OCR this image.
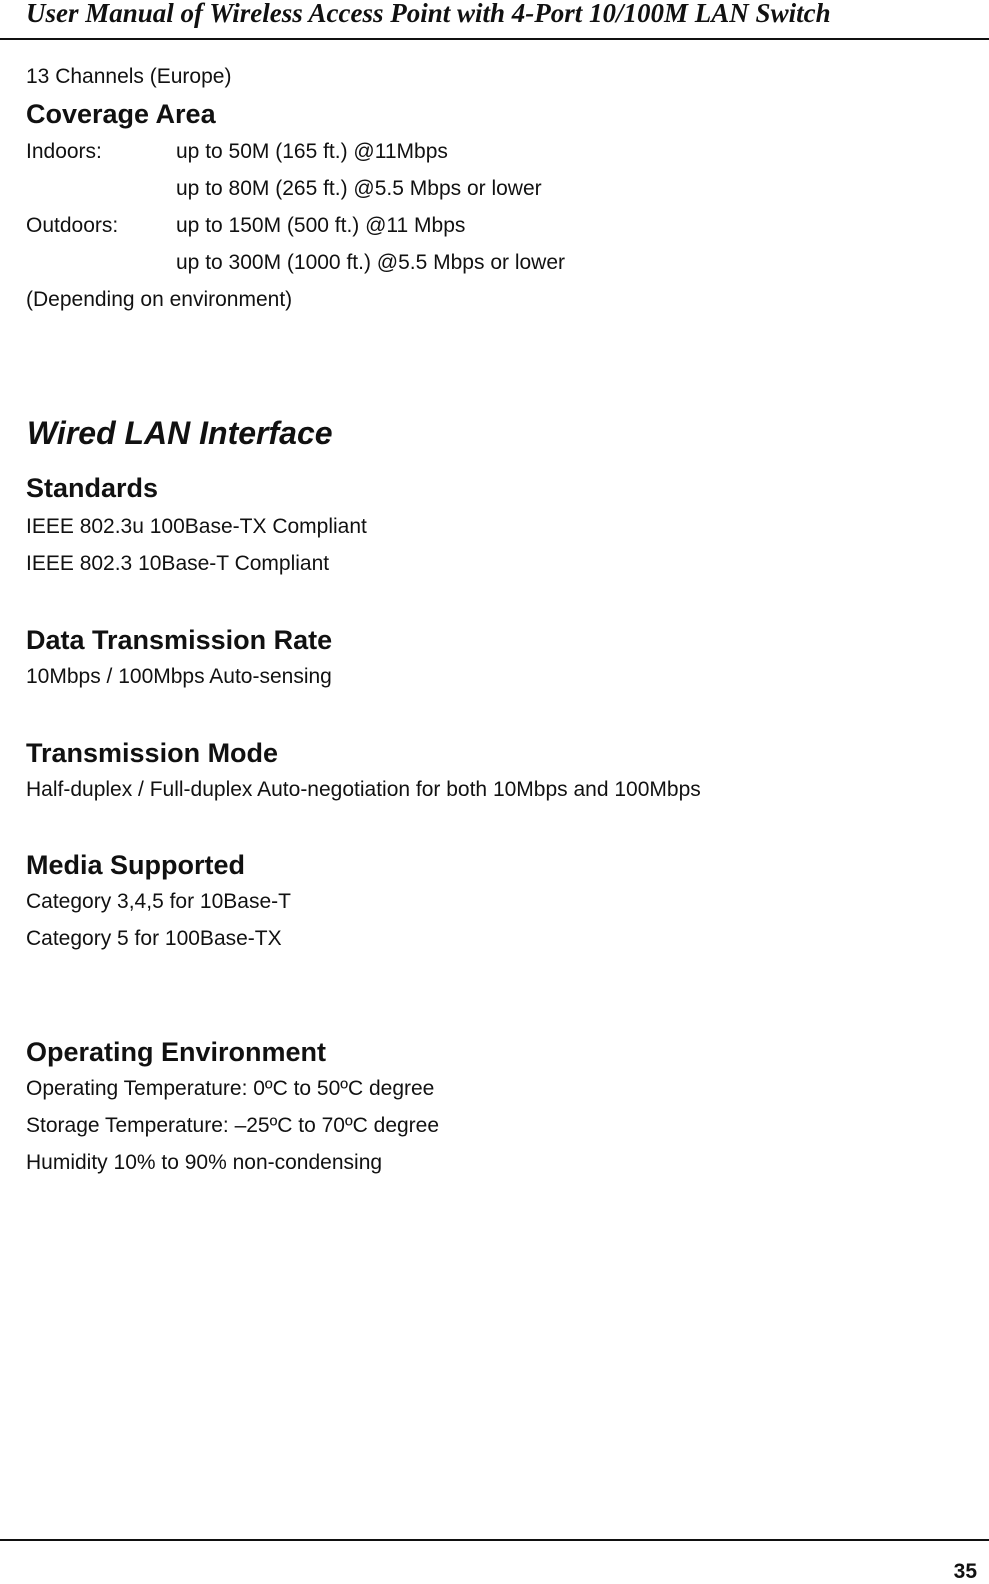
User Manual of Wireless Access Point with 4-Port 10/100M LAN Switch
13 Channels (Europe)
Coverage Area
Indoors:	up to 50M (165 ft.) @11Mbps
up to 80M (265 ft.) @5.5 Mbps or lower
Outdoors:	up to 150M (500 ft.) @11 Mbps
up to 300M (1000 ft.) @5.5 Mbps or lower
(Depending on environment)
Wired LAN Interface
Standards
IEEE 802.3u 100Base-TX Compliant
IEEE 802.3 10Base-T Compliant
Data Transmission Rate
10Mbps / 100Mbps Auto-sensing
Transmission Mode
Half-duplex / Full-duplex Auto-negotiation for both 10Mbps and 100Mbps
Media Supported
Category 3,4,5 for 10Base-T
Category 5 for 100Base-TX
Operating Environment
Operating Temperature: 0ºC to 50ºC degree
Storage Temperature: –25ºC to 70ºC degree
Humidity 10% to 90% non-condensing
35
